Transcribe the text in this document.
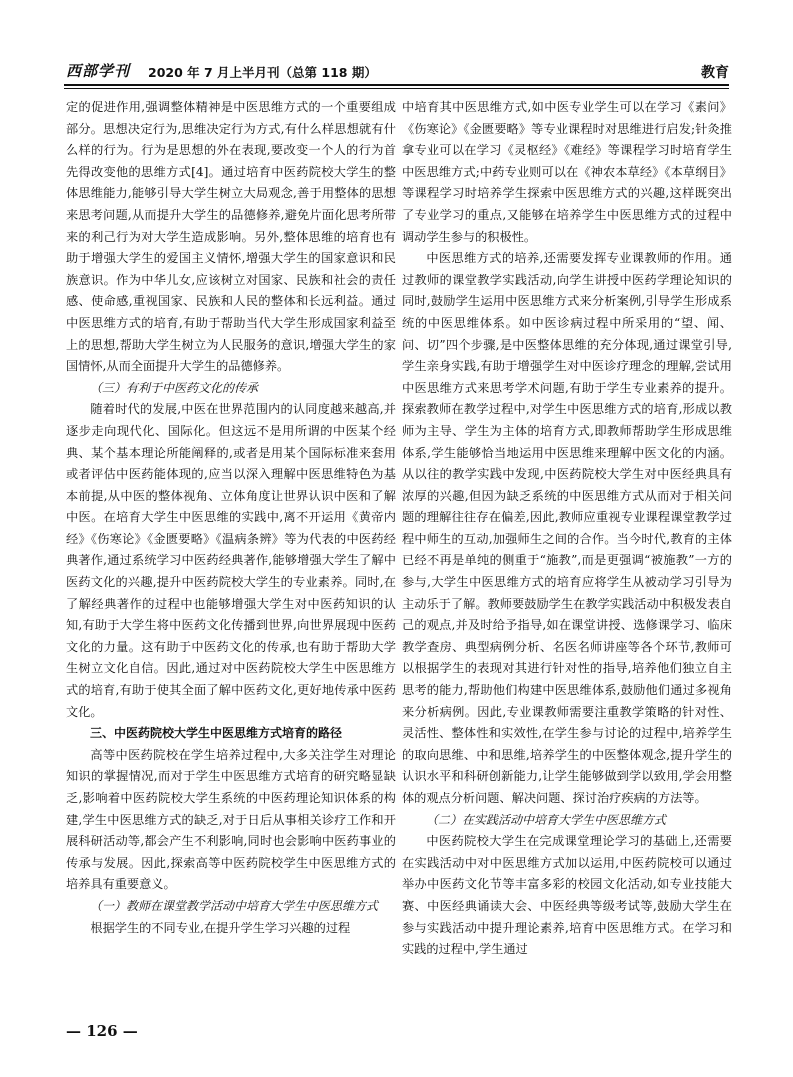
西部学刊 2020 年 7 月上半月刊（总第 118 期）	教育

定的促进作用,强调整体精神是中医思维方式的一个重要组成部分。思想决定行为,思维决定行为方式,有什么样思想就有什么样的行为。行为是思想的外在表现,要改变一个人的行为首先得改变他的思维方式[4]。通过培育中医药院校大学生的整体思维能力,能够引导大学生树立大局观念,善于用整体的思想来思考问题,从而提升大学生的品德修养,避免片面化思考所带来的利己行为对大学生造成影响。另外,整体思维的培育也有助于增强大学生的爱国主义情怀,增强大学生的国家意识和民族意识。作为中华儿女,应该树立对国家、民族和社会的责任感、使命感,重视国家、民族和人民的整体和长远利益。通过中医思维方式的培育,有助于帮助当代大学生形成国家利益至上的思想,帮助大学生树立为人民服务的意识,增强大学生的家国情怀,从而全面提升大学生的品德修养。

（三）有利于中医药文化的传承

随着时代的发展,中医在世界范围内的认同度越来越高,并逐步走向现代化、国际化。但这远不是用所谓的中医某个经典、某个基本理论所能阐释的,或者是用某个国际标准来套用或者评估中医药能体现的,应当以深入理解中医思维特色为基本前提,从中医的整体视角、立体角度让世界认识中医和了解中医。在培育大学生中医思维的实践中,离不开运用《黄帝内经》《伤寒论》《金匮要略》《温病条辨》等为代表的中医药经典著作,通过系统学习中医药经典著作,能够增强大学生了解中医药文化的兴趣,提升中医药院校大学生的专业素养。同时,在了解经典著作的过程中也能够增强大学生对中医药知识的认知,有助于大学生将中医药文化传播到世界,向世界展现中医药文化的力量。这有助于中医药文化的传承,也有助于帮助大学生树立文化自信。因此,通过对中医药院校大学生中医思维方式的培育,有助于使其全面了解中医药文化,更好地传承中医药文化。

三、中医药院校大学生中医思维方式培育的路径

高等中医药院校在学生培养过程中,大多关注学生对理论知识的掌握情况,而对于学生中医思维方式培育的研究略显缺乏,影响着中医药院校大学生系统的中医药理论知识体系的构建,学生中医思维方式的缺乏,对于日后从事相关诊疗工作和开展科研活动等,都会产生不利影响,同时也会影响中医药事业的传承与发展。因此,探索高等中医药院校学生中医思维方式的培养具有重要意义。

（一）教师在课堂教学活动中培育大学生中医思维方式

根据学生的不同专业,在提升学生学习兴趣的过程

中培育其中医思维方式,如中医专业学生可以在学习《素问》《伤寒论》《金匮要略》等专业课程时对思维进行启发;针灸推拿专业可以在学习《灵枢经》《难经》等课程学习时培育学生中医思维方式;中药专业则可以在《神农本草经》《本草纲目》等课程学习时培养学生探索中医思维方式的兴趣,这样既突出了专业学习的重点,又能够在培养学生中医思维方式的过程中调动学生参与的积极性。

中医思维方式的培养,还需要发挥专业课教师的作用。通过教师的课堂教学实践活动,向学生讲授中医药学理论知识的同时,鼓励学生运用中医思维方式来分析案例,引导学生形成系统的中医思维体系。如中医诊病过程中所采用的“望、闻、问、切”四个步骤,是中医整体思维的充分体现,通过课堂引导,学生亲身实践,有助于增强学生对中医诊疗理念的理解,尝试用中医思维方式来思考学术问题,有助于学生专业素养的提升。探索教师在教学过程中,对学生中医思维方式的培育,形成以教师为主导、学生为主体的培育方式,即教师帮助学生形成思维体系,学生能够恰当地运用中医思维来理解中医文化的内涵。从以往的教学实践中发现,中医药院校大学生对中医经典具有浓厚的兴趣,但因为缺乏系统的中医思维方式从而对于相关问题的理解往往存在偏差,因此,教师应重视专业课程课堂教学过程中师生的互动,加强师生之间的合作。当今时代,教育的主体已经不再是单纯的侧重于“施教”,而是更强调“被施教”一方的参与,大学生中医思维方式的培育应将学生从被动学习引导为主动乐于了解。教师要鼓励学生在教学实践活动中积极发表自己的观点,并及时给予指导,如在课堂讲授、选修课学习、临床教学查房、典型病例分析、名医名师讲座等各个环节,教师可以根据学生的表现对其进行针对性的指导,培养他们独立自主思考的能力,帮助他们构建中医思维体系,鼓励他们通过多视角来分析病例。因此,专业课教师需要注重教学策略的针对性、灵活性、整体性和实效性,在学生参与讨论的过程中,培养学生的取向思维、中和思维,培养学生的中医整体观念,提升学生的认识水平和科研创新能力,让学生能够做到学以致用,学会用整体的观点分析问题、解决问题、探讨治疗疾病的方法等。

（二）在实践活动中培育大学生中医思维方式

中医药院校大学生在完成课堂理论学习的基础上,还需要在实践活动中对中医思维方式加以运用,中医药院校可以通过举办中医药文化节等丰富多彩的校园文化活动,如专业技能大赛、中医经典诵读大会、中医经典等级考试等,鼓励大学生在参与实践活动中提升理论素养,培育中医思维方式。在学习和实践的过程中,学生通过

— 126 —
